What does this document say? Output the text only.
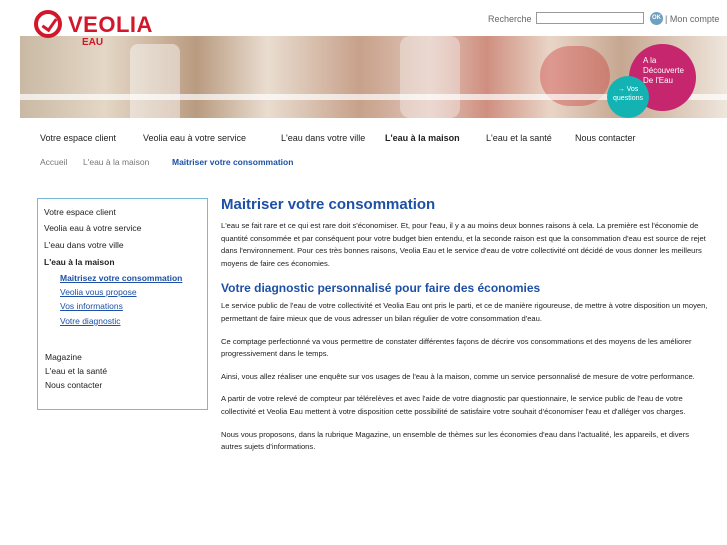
VEOLIA
EAU
Recherche	OK | Mon compte
A la Découverte De l'Eau
→ Vos questions
Votre espace client	Veolia eau à votre service	L'eau dans votre ville L'eau à la maison	L'eau et la santé	Nous contacter
Accueil L'eau à la maison	Maitriser votre consommation
Votre espace client
Veolia eau à votre service
L'eau dans votre ville
L'eau à la maison
Maitrisez votre consommation
Veolia vous propose
Vos informations
Votre diagnostic
Magazine
L'eau et la santé
Nous contacter
Maitriser votre consommation

L'eau se fait rare et ce qui est rare doit s'économiser. Et, pour l'eau, il y a au moins deux bonnes raisons à cela. La première est l'économie de quantité consommée et par conséquent pour votre budget bien entendu, et la seconde raison est que la consommation d'eau est source de rejet dans l'environnement. Pour ces très bonnes raisons, Veolia Eau et le service d'eau de votre collectivité ont décidé de vous donner les meilleurs moyens de faire ces économies.

Votre diagnostic personnalisé pour faire des économies

Le service public de l'eau de votre collectivité et Veolia Eau ont pris le parti, et ce de manière rigoureuse, de mettre à votre disposition un moyen, permettant de faire mieux que de vous adresser un bilan régulier de votre consommation d'eau.

Ce comptage perfectionné va vous permettre de constater différentes façons de décrire vos consommations et des moyens de les améliorer progressivement dans le temps.

Ainsi, vous allez réaliser une enquête sur vos usages de l'eau à la maison, comme un service personnalisé de mesure de votre performance.

A partir de votre relevé de compteur par télérelèves et avec l'aide de votre diagnostic par questionnaire, le service public de l'eau de votre collectivité et Veolia Eau mettent à votre disposition cette possibilité de satisfaire votre souhait d'économiser l'eau et d'alléger vos charges.

Nous vous proposons, dans la rubrique Magazine, un ensemble de thèmes sur les économies d'eau dans l'actualité, les appareils, et divers autres sujets d'informations.
